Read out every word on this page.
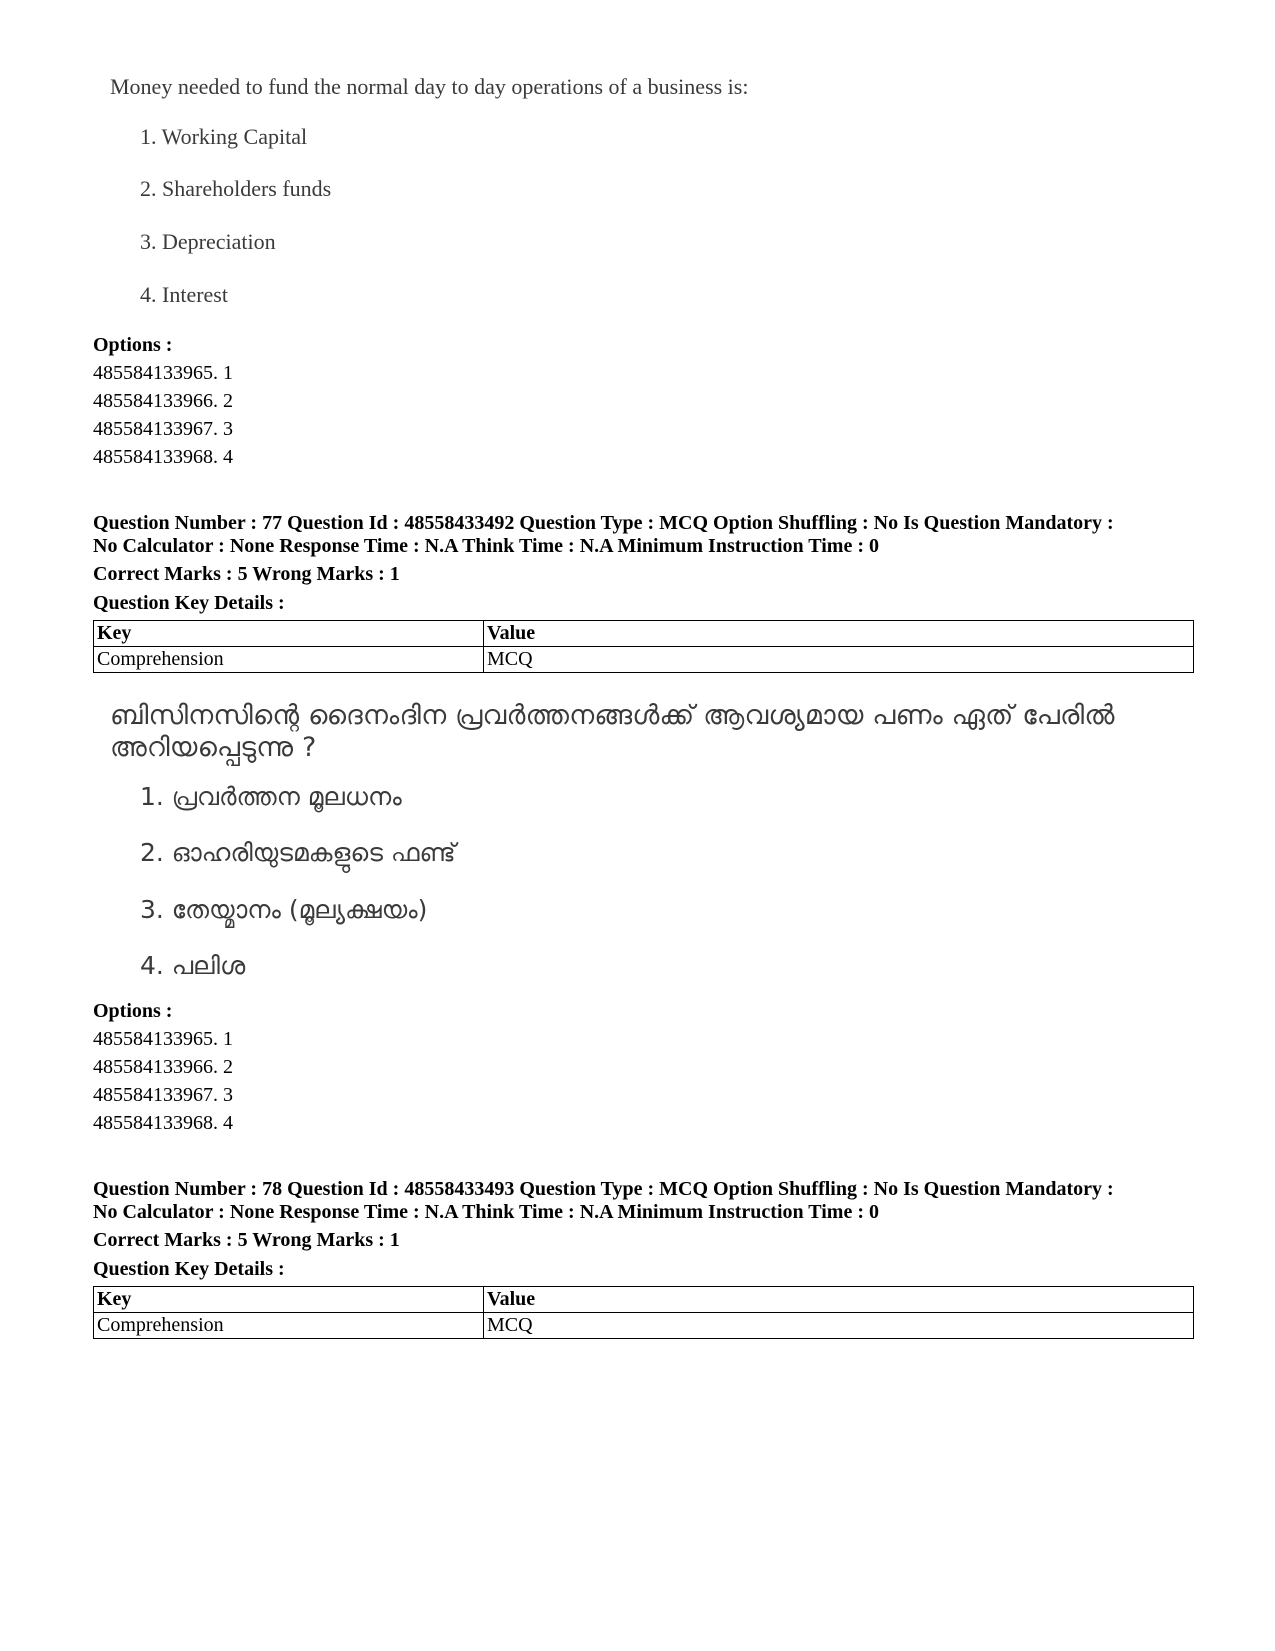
Money needed to fund the normal day to day operations of a business is:
1. Working Capital
2. Shareholders funds
3. Depreciation
4. Interest
Options :
485584133965. 1
485584133966. 2
485584133967. 3
485584133968. 4
Question Number : 77 Question Id : 48558433492 Question Type : MCQ Option Shuffling : No Is Question Mandatory :
No Calculator : None Response Time : N.A Think Time : N.A Minimum Instruction Time : 0
Correct Marks : 5 Wrong Marks : 1
Question Key Details :
Key	Value
Comprehension	MCQ
ബിസിനസിന്റെ ദൈനംദിന പ്രവർത്തനങ്ങൾക്ക് ആവശ്യമായ പണം ഏത് പേരിൽ
അറിയപ്പെടുന്നു ?
1. പ്രവർത്തന മൂലധനം
2. ഓഹരിയുടമകളുടെ ഫണ്ട്
3. തേയ്മാനം (മൂല്യക്ഷയം)
4. പലിശ
Options :
485584133965. 1
485584133966. 2
485584133967. 3
485584133968. 4
Question Number : 78 Question Id : 48558433493 Question Type : MCQ Option Shuffling : No Is Question Mandatory :
No Calculator : None Response Time : N.A Think Time : N.A Minimum Instruction Time : 0
Correct Marks : 5 Wrong Marks : 1
Question Key Details :
Key	Value
Comprehension	MCQ
